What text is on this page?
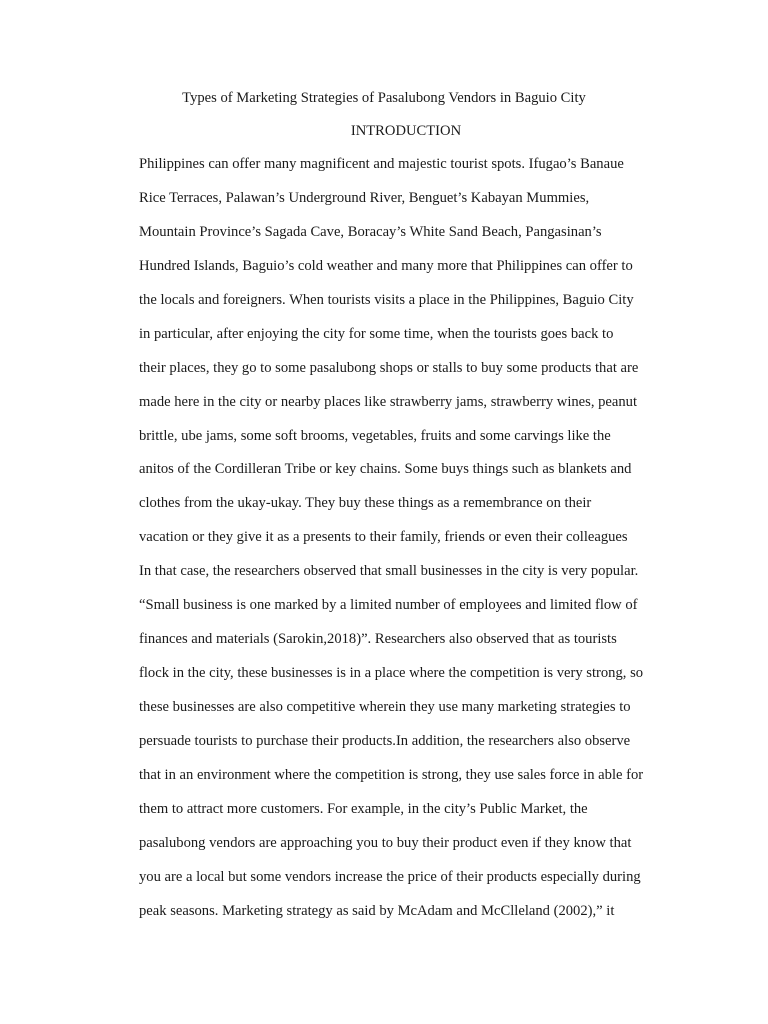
Types of Marketing Strategies of Pasalubong Vendors in Baguio City
INTRODUCTION
Philippines can offer many magnificent and majestic tourist spots. Ifugao’s Banaue
Rice Terraces, Palawan’s Underground River, Benguet’s Kabayan Mummies,
Mountain Province’s Sagada Cave, Boracay’s White Sand Beach, Pangasinan’s
Hundred Islands, Baguio’s cold weather and many more that Philippines can offer to
the locals and foreigners. When tourists visits a place in the Philippines, Baguio City
in particular, after enjoying the city for some time, when the tourists goes back to
their places, they go to some pasalubong shops or stalls to buy some products that are
made here in the city or nearby places like strawberry jams, strawberry wines, peanut
brittle, ube jams, some soft brooms, vegetables, fruits and some carvings like the
anitos of the Cordilleran Tribe or key chains. Some buys things such as blankets and
clothes from the ukay-ukay. They buy these things as a remembrance on their
vacation or they give it as a presents to their family, friends or even their colleagues
In that case, the researchers observed that small businesses in the city is very popular.
“Small business is one marked by a limited number of employees and limited flow of
finances and materials (Sarokin,2018)”. Researchers also observed that as tourists
flock in the city, these businesses is in a place where the competition is very strong, so
these businesses are also competitive wherein they use many marketing strategies to
persuade tourists to purchase their products.In addition, the researchers also observe
that in an environment where the competition is strong, they use sales force in able for
them to attract more customers. For example, in the city’s Public Market, the
pasalubong vendors are approaching you to buy their product even if they know that
you are a local but some vendors increase the price of their products especially during
peak seasons. Marketing strategy as said by McAdam and McClleland (2002),” it
